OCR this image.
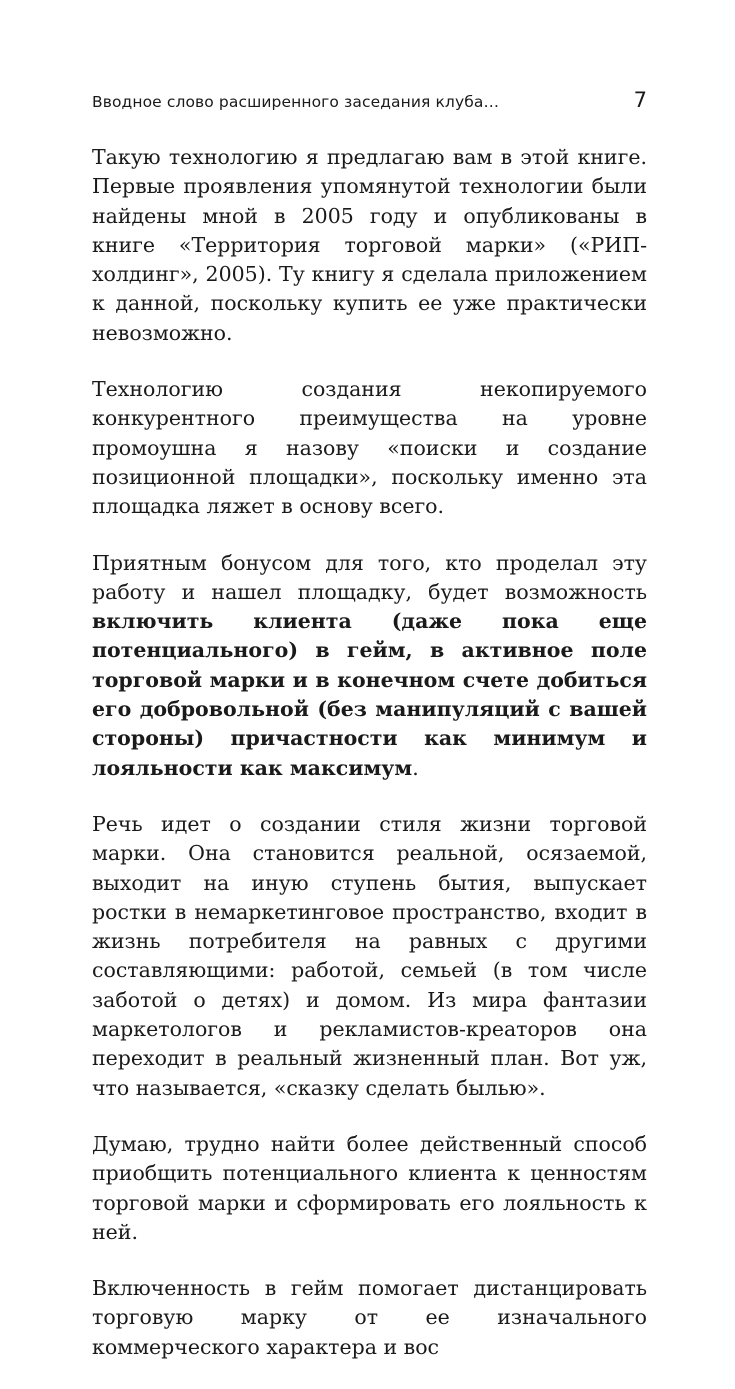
Вводное слово расширенного заседания клуба…	7

Такую технологию я предлагаю вам в этой книге. Первые проявления упомянутой технологии были найдены мной в 2005 году и опубликованы в книге «Территория торговой марки» («РИП-холдинг», 2005). Ту книгу я сделала приложением к данной, поскольку купить ее уже практически невозможно.

Технологию создания некопируемого конкурентного преимущества на уровне промоушна я назову «поиски и создание позиционной площадки», поскольку именно эта площадка ляжет в основу всего.

Приятным бонусом для того, кто проделал эту работу и нашел площадку, будет возможность включить клиента (даже пока еще потенциального) в гейм, в активное поле торговой марки и в конечном счете добиться его добровольной (без манипуляций с вашей стороны) причастности как минимум и лояльности как максимум.

Речь идет о создании стиля жизни торговой марки. Она становится реальной, осязаемой, выходит на иную ступень бытия, выпускает ростки в немаркетинговое пространство, входит в жизнь потребителя на равных с другими составляющими: работой, семьей (в том числе заботой о детях) и домом. Из мира фантазии маркетологов и рекламистов-креаторов она переходит в реальный жизненный план. Вот уж, что называется, «сказку сделать былью».

Думаю, трудно найти более действенный способ приобщить потенциального клиента к ценностям торговой марки и сформировать его лояльность к ней.

Включенность в гейм помогает дистанцировать торговую марку от ее изначального коммерческого характера и вос
